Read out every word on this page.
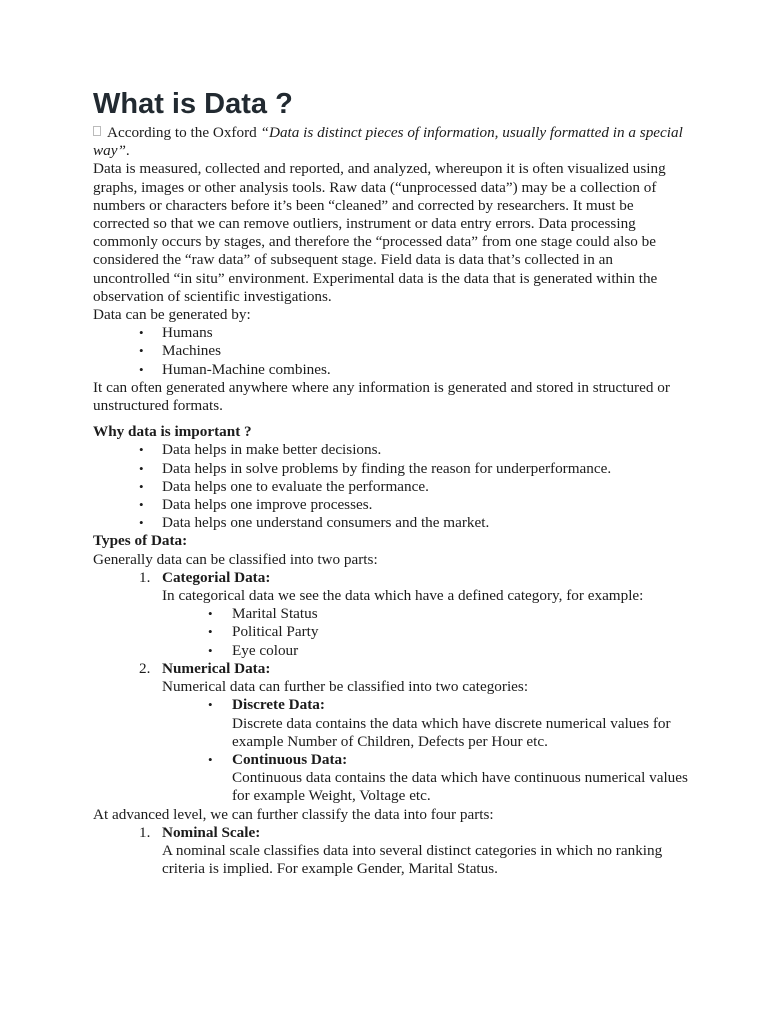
What is Data ?

According to the Oxford “Data is distinct pieces of information, usually formatted in a special way”.

Data is measured, collected and reported, and analyzed, whereupon it is often visualized using graphs, images or other analysis tools. Raw data (“unprocessed data”) may be a collection of numbers or characters before it’s been “cleaned” and corrected by researchers. It must be corrected so that we can remove outliers, instrument or data entry errors. Data processing commonly occurs by stages, and therefore the “processed data” from one stage could also be considered the “raw data” of subsequent stage. Field data is data that’s collected in an uncontrolled “in situ” environment. Experimental data is the data that is generated within the observation of scientific investigations.

Data can be generated by:

• Humans
• Machines
• Human-Machine combines.

It can often generated anywhere where any information is generated and stored in structured or unstructured formats.

Why data is important ?

• Data helps in make better decisions.
• Data helps in solve problems by finding the reason for underperformance.
• Data helps one to evaluate the performance.
• Data helps one improve processes.
• Data helps one understand consumers and the market.

Types of Data:

Generally data can be classified into two parts:

1. Categorial Data:

In categorical data we see the data which have a defined category, for example:

• Marital Status
• Political Party
• Eye colour
2. Numerical Data:

Numerical data can further be classified into two categories:

• Discrete Data:

Discrete data contains the data which have discrete numerical values for example Number of Children, Defects per Hour etc.

• Continuous Data:

Continuous data contains the data which have continuous numerical values for example Weight, Voltage etc.

At advanced level, we can further classify the data into four parts:

1. Nominal Scale:

A nominal scale classifies data into several distinct categories in which no ranking criteria is implied. For example Gender, Marital Status.
